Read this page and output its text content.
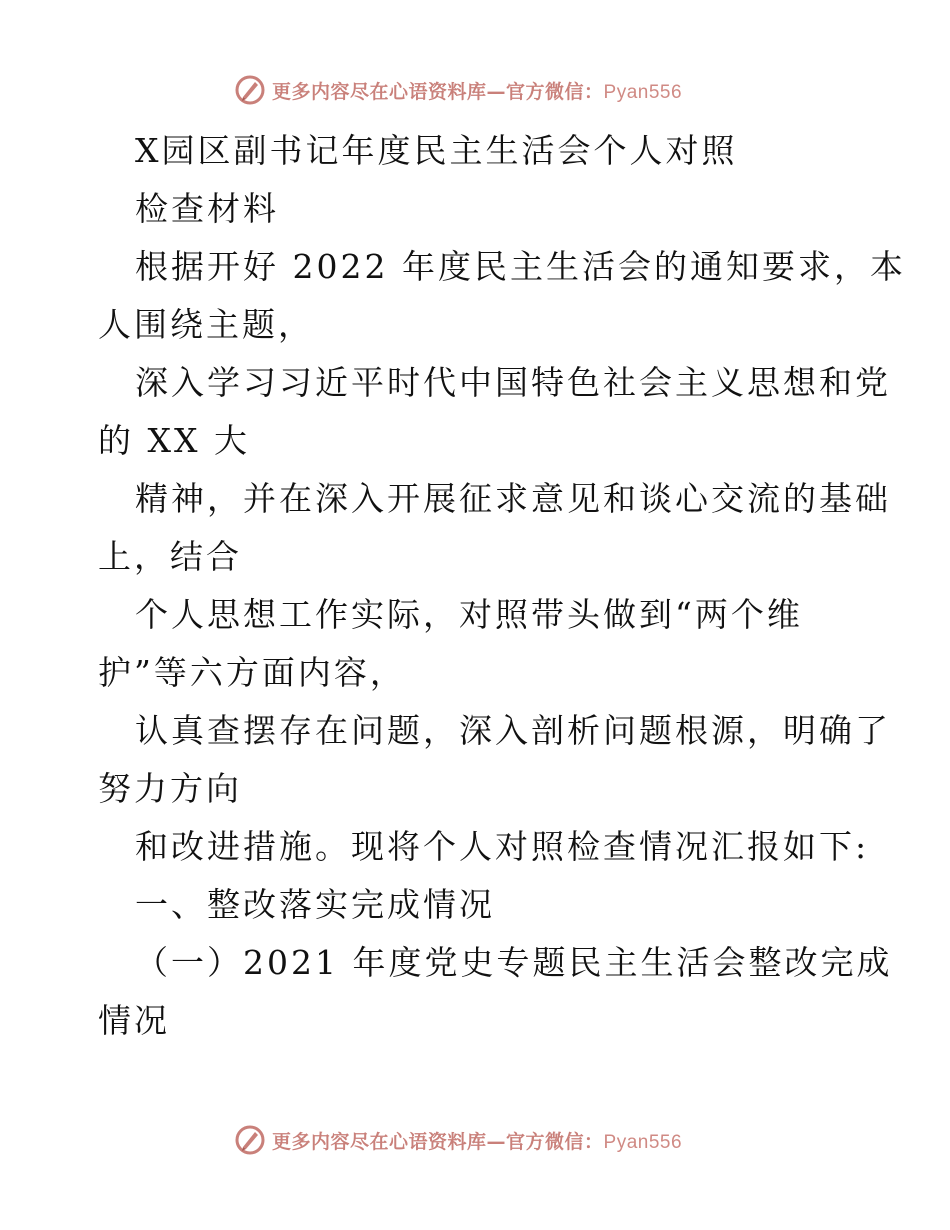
更多内容尽在心语资料库—官方微信：Pyan556
X园区副书记年度民主生活会个人对照
检查材料
根据开好 2022 年度民主生活会的通知要求，本
人围绕主题，
深入学习习近平时代中国特色社会主义思想和党
的 XX 大
精神，并在深入开展征求意见和谈心交流的基础
上，结合
个人思想工作实际，对照带头做到“两个维
护”等六方面内容，
认真查摆存在问题，深入剖析问题根源，明确了
努力方向
和改进措施。现将个人对照检查情况汇报如下:
一、整改落实完成情况
（一）2021 年度党史专题民主生活会整改完成
情况
更多内容尽在心语资料库—官方微信：Pyan556
